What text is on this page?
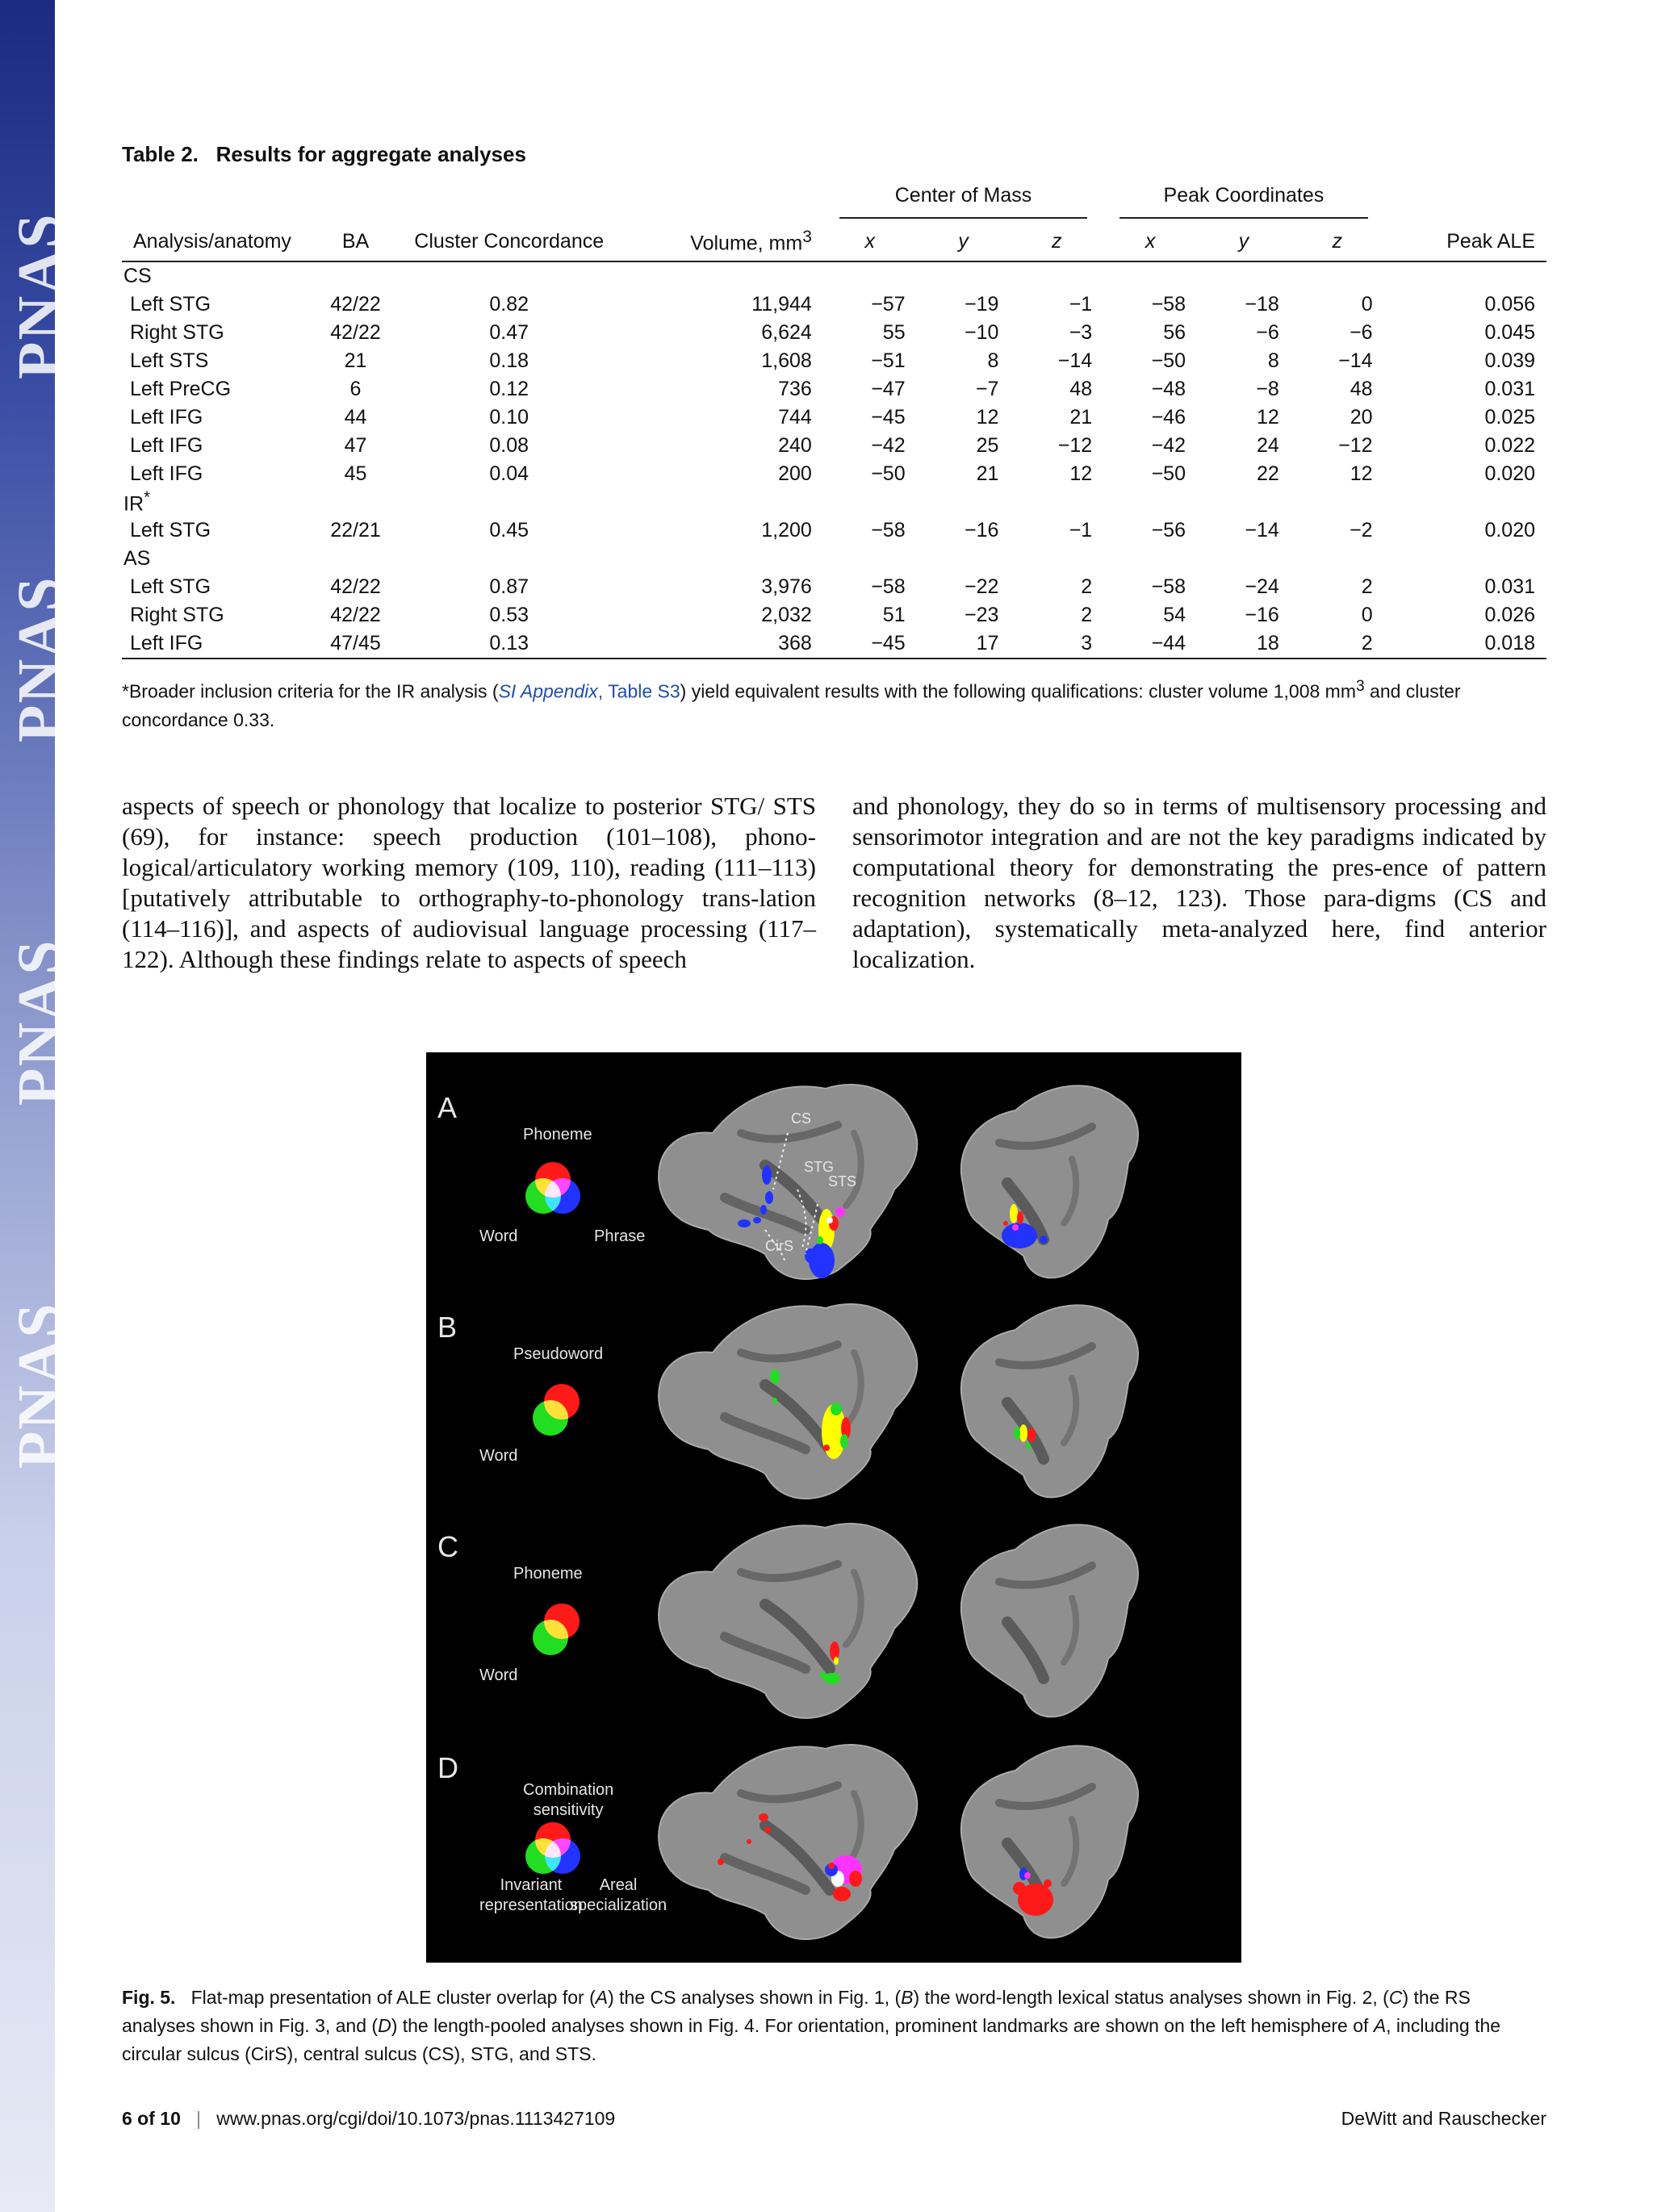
PNAS
PNAS
PNAS
PNAS
Table 2. Results for aggregate analyses

				Center of Mass			Peak Coordinates			

Analysis/anatomy	BA	Cluster Concordance	Volume, $mm^3$	x	y	z	x	y	z	Peak ALE
CS										
Left STG	42/22	0.82	11,944	−57	−19	−1	−58	−18	0	0.056
Right STG	42/22	0.47	6,624	55	−10	−3	56	−6	−6	0.045
Left STS	21	0.18	1,608	−51	8	−14	−50	8	−14	0.039
Left PreCG	6	0.12	736	−47	−7	48	−48	−8	48	0.031
Left IFG	44	0.10	744	−45	12	21	−46	12	20	0.025
Left IFG	47	0.08	240	−42	25	−12	−42	24	−12	0.022
Left IFG	45	0.04	200	−50	21	12	−50	22	12	0.020
IR*										
Left STG	22/21	0.45	1,200	−58	−16	−1	−56	−14	−2	0.020
AS										
Left STG	42/22	0.87	3,976	−58	−22	2	−58	−24	2	0.031
Right STG	42/22	0.53	2,032	51	−23	2	54	−16	0	0.026
Left IFG	47/45	0.13	368	−45	17	3	−44	18	2	0.018
*Broader inclusion criteria for the IR analysis (SI Appendix, Table S3) yield equivalent results with the following qualifications: cluster volume 1,008 $mm^3$ and cluster concordance 0.33.
aspects of speech or phonology that localize to posterior STG/ STS (69), for instance: speech production (101–108), phono-logical/articulatory working memory (109, 110), reading (111–113) [putatively attributable to orthography-to-phonology trans-lation (114–116)], and aspects of audiovisual language processing (117–122). Although these findings relate to aspects of speech
and phonology, they do so in terms of multisensory processing and sensorimotor integration and are not the key paradigms indicated by computational theory for demonstrating the pres-ence of pattern recognition networks (8–12, 123). Those para-digms (CS and adaptation), systematically meta-analyzed here, find anterior localization.
A
Phoneme
Word	Phrase
B
Pseudoword
Word
C
Phoneme
Word
D
Combination
sensitivity
Invariant
representation
Areal
specialization
CS
STG
STS
CirS
Fig. 5. Flat-map presentation of ALE cluster overlap for (A) the CS analyses shown in Fig. 1, (B) the word-length lexical status analyses shown in Fig. 2, (C) the RS analyses shown in Fig. 3, and (D) the length-pooled analyses shown in Fig. 4. For orientation, prominent landmarks are shown on the left hemisphere of A, including the circular sulcus (CirS), central sulcus (CS), STG, and STS.
6 of 10 | www.pnas.org/cgi/doi/10.1073/pnas.1113427109	DeWitt and Rauschecker
